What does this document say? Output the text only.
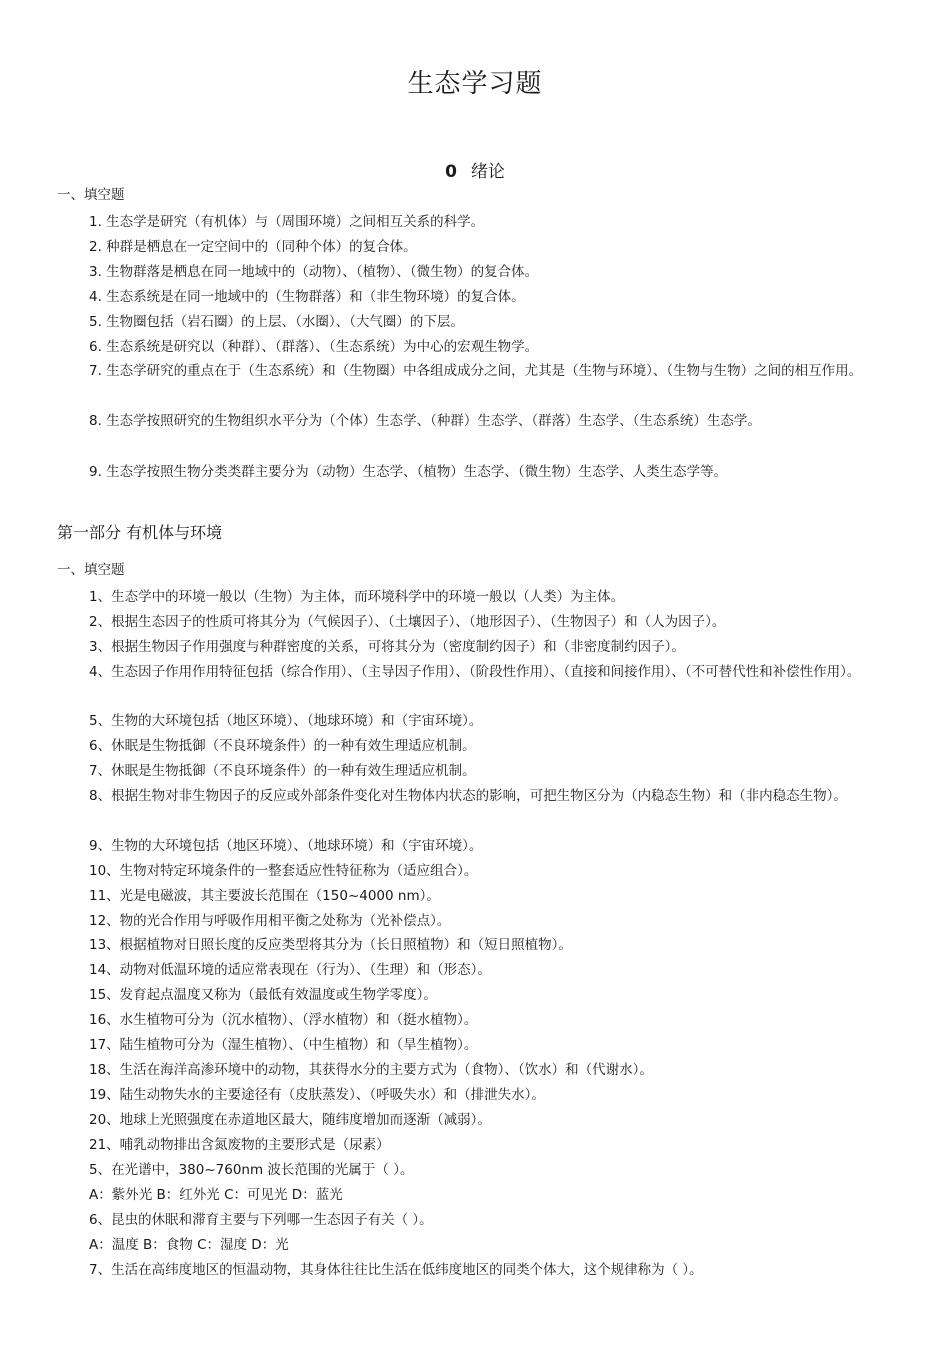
生态学习题
0 绪论
一、填空题
1. 生态学是研究（有机体）与（周围环境）之间相互关系的科学。
2. 种群是栖息在一定空间中的（同种个体）的复合体。
3. 生物群落是栖息在同一地域中的（动物）、（植物）、（微生物）的复合体。
4. 生态系统是在同一地域中的（生物群落）和（非生物环境）的复合体。
5. 生物圈包括（岩石圈）的上层、（水圈）、（大气圈）的下层。
6. 生态系统是研究以（种群）、（群落）、（生态系统）为中心的宏观生物学。
7. 生态学研究的重点在于（生态系统）和（生物圈）中各组成成分之间，尤其是（生物与环境）、（生物与生物）之间的相互作用。
8. 生态学按照研究的生物组织水平分为（个体）生态学、（种群）生态学、（群落）生态学、（生态系统）生态学。
9. 生态学按照生物分类类群主要分为（动物）生态学、（植物）生态学、（微生物）生态学、人类生态学等。
第一部分 有机体与环境
一、填空题
1、生态学中的环境一般以（生物）为主体，而环境科学中的环境一般以（人类）为主体。
2、根据生态因子的性质可将其分为（气候因子）、（土壤因子）、（地形因子）、（生物因子）和（人为因子）。
3、根据生物因子作用强度与种群密度的关系，可将其分为（密度制约因子）和（非密度制约因子）。
4、生态因子作用作用特征包括（综合作用）、（主导因子作用）、（阶段性作用）、（直接和间接作用）、（不可替代性和补偿性作用）。
5、生物的大环境包括（地区环境）、（地球环境）和（宇宙环境）。
6、休眠是生物抵御（不良环境条件）的一种有效生理适应机制。
7、休眠是生物抵御（不良环境条件）的一种有效生理适应机制。
8、根据生物对非生物因子的反应或外部条件变化对生物体内状态的影响，可把生物区分为（内稳态生物）和（非内稳态生物）。
9、生物的大环境包括（地区环境）、（地球环境）和（宇宙环境）。
10、生物对特定环境条件的一整套适应性特征称为（适应组合）。
11、光是电磁波，其主要波长范围在（150~4000 nm）。
12、物的光合作用与呼吸作用相平衡之处称为（光补偿点）。
13、根据植物对日照长度的反应类型将其分为（长日照植物）和（短日照植物）。
14、动物对低温环境的适应常表现在（行为）、（生理）和（形态）。
15、发育起点温度又称为（最低有效温度或生物学零度）。
16、水生植物可分为（沉水植物）、（浮水植物）和（挺水植物）。
17、陆生植物可分为（湿生植物）、（中生植物）和（旱生植物）。
18、生活在海洋高渗环境中的动物，其获得水分的主要方式为（食物）、（饮水）和（代谢水）。
19、陆生动物失水的主要途径有（皮肤蒸发）、（呼吸失水）和（排泄失水）。
20、地球上光照强度在赤道地区最大，随纬度增加而逐渐（减弱）。
21、哺乳动物排出含氮废物的主要形式是（尿素）
5、在光谱中，380~760nm 波长范围的光属于（ ）。
A：紫外光 B：红外光 C：可见光 D：蓝光
6、昆虫的休眠和滞育主要与下列哪一生态因子有关（ ）。
A：温度 B：食物 C：湿度 D：光
7、生活在高纬度地区的恒温动物，其身体往往比生活在低纬度地区的同类个体大，这个规律称为（ ）。
